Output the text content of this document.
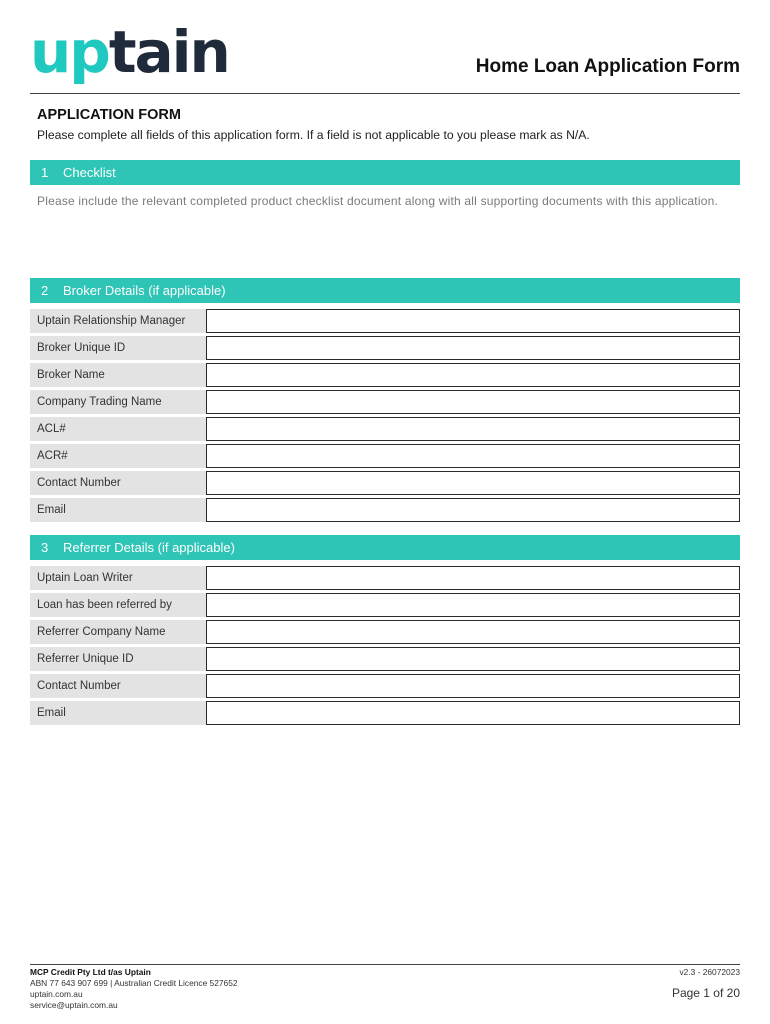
uptain	Home Loan Application Form
APPLICATION FORM
Please complete all fields of this application form. If a field is not applicable to you please mark as N/A.
1 Checklist
Please include the relevant completed product checklist document along with all supporting documents with this application.
2 Broker Details (if applicable)
Uptain Relationship Manager
Broker Unique ID
Broker Name
Company Trading Name
ACL#
ACR#
Contact Number
Email
3 Referrer Details (if applicable)
Uptain Loan Writer
Loan has been referred by
Referrer Company Name
Referrer Unique ID
Contact Number
Email
MCP Credit Pty Ltd t/as Uptain
ABN 77 643 907 699 | Australian Credit Licence 527652
uptain.com.au
service@uptain.com.au
v2.3 - 26072023
Page 1 of 20
